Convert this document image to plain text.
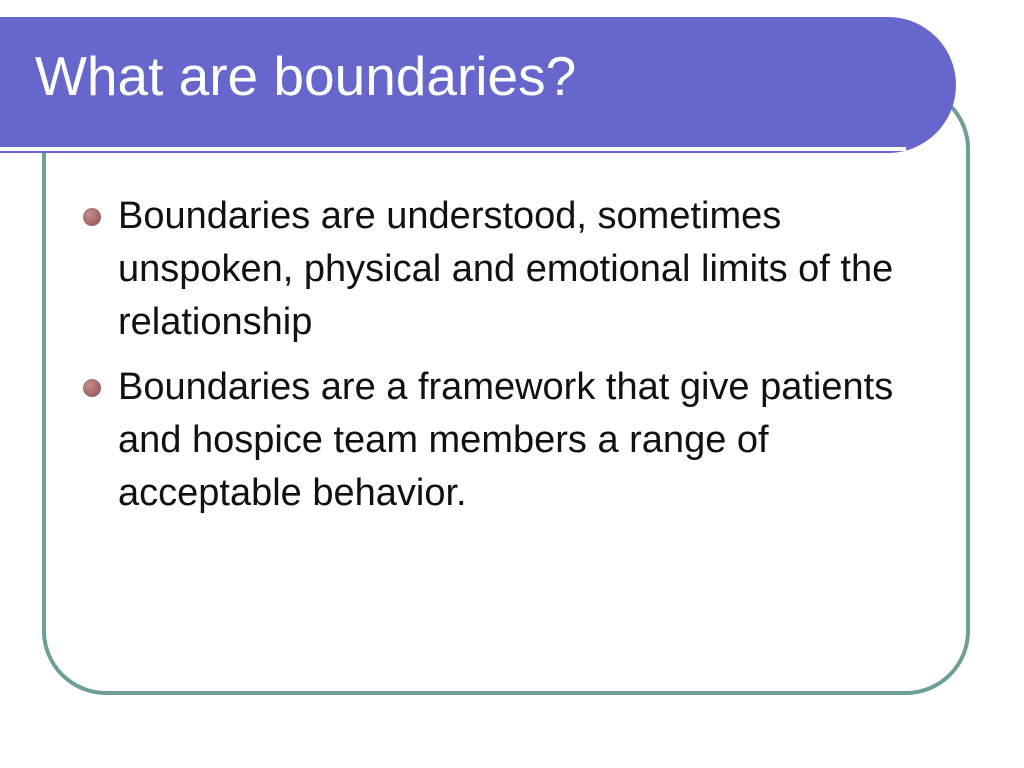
What are boundaries?
Boundaries are understood, sometimes unspoken, physical and emotional limits of the relationship
Boundaries are a framework that give patients and hospice team members a range of acceptable behavior.
